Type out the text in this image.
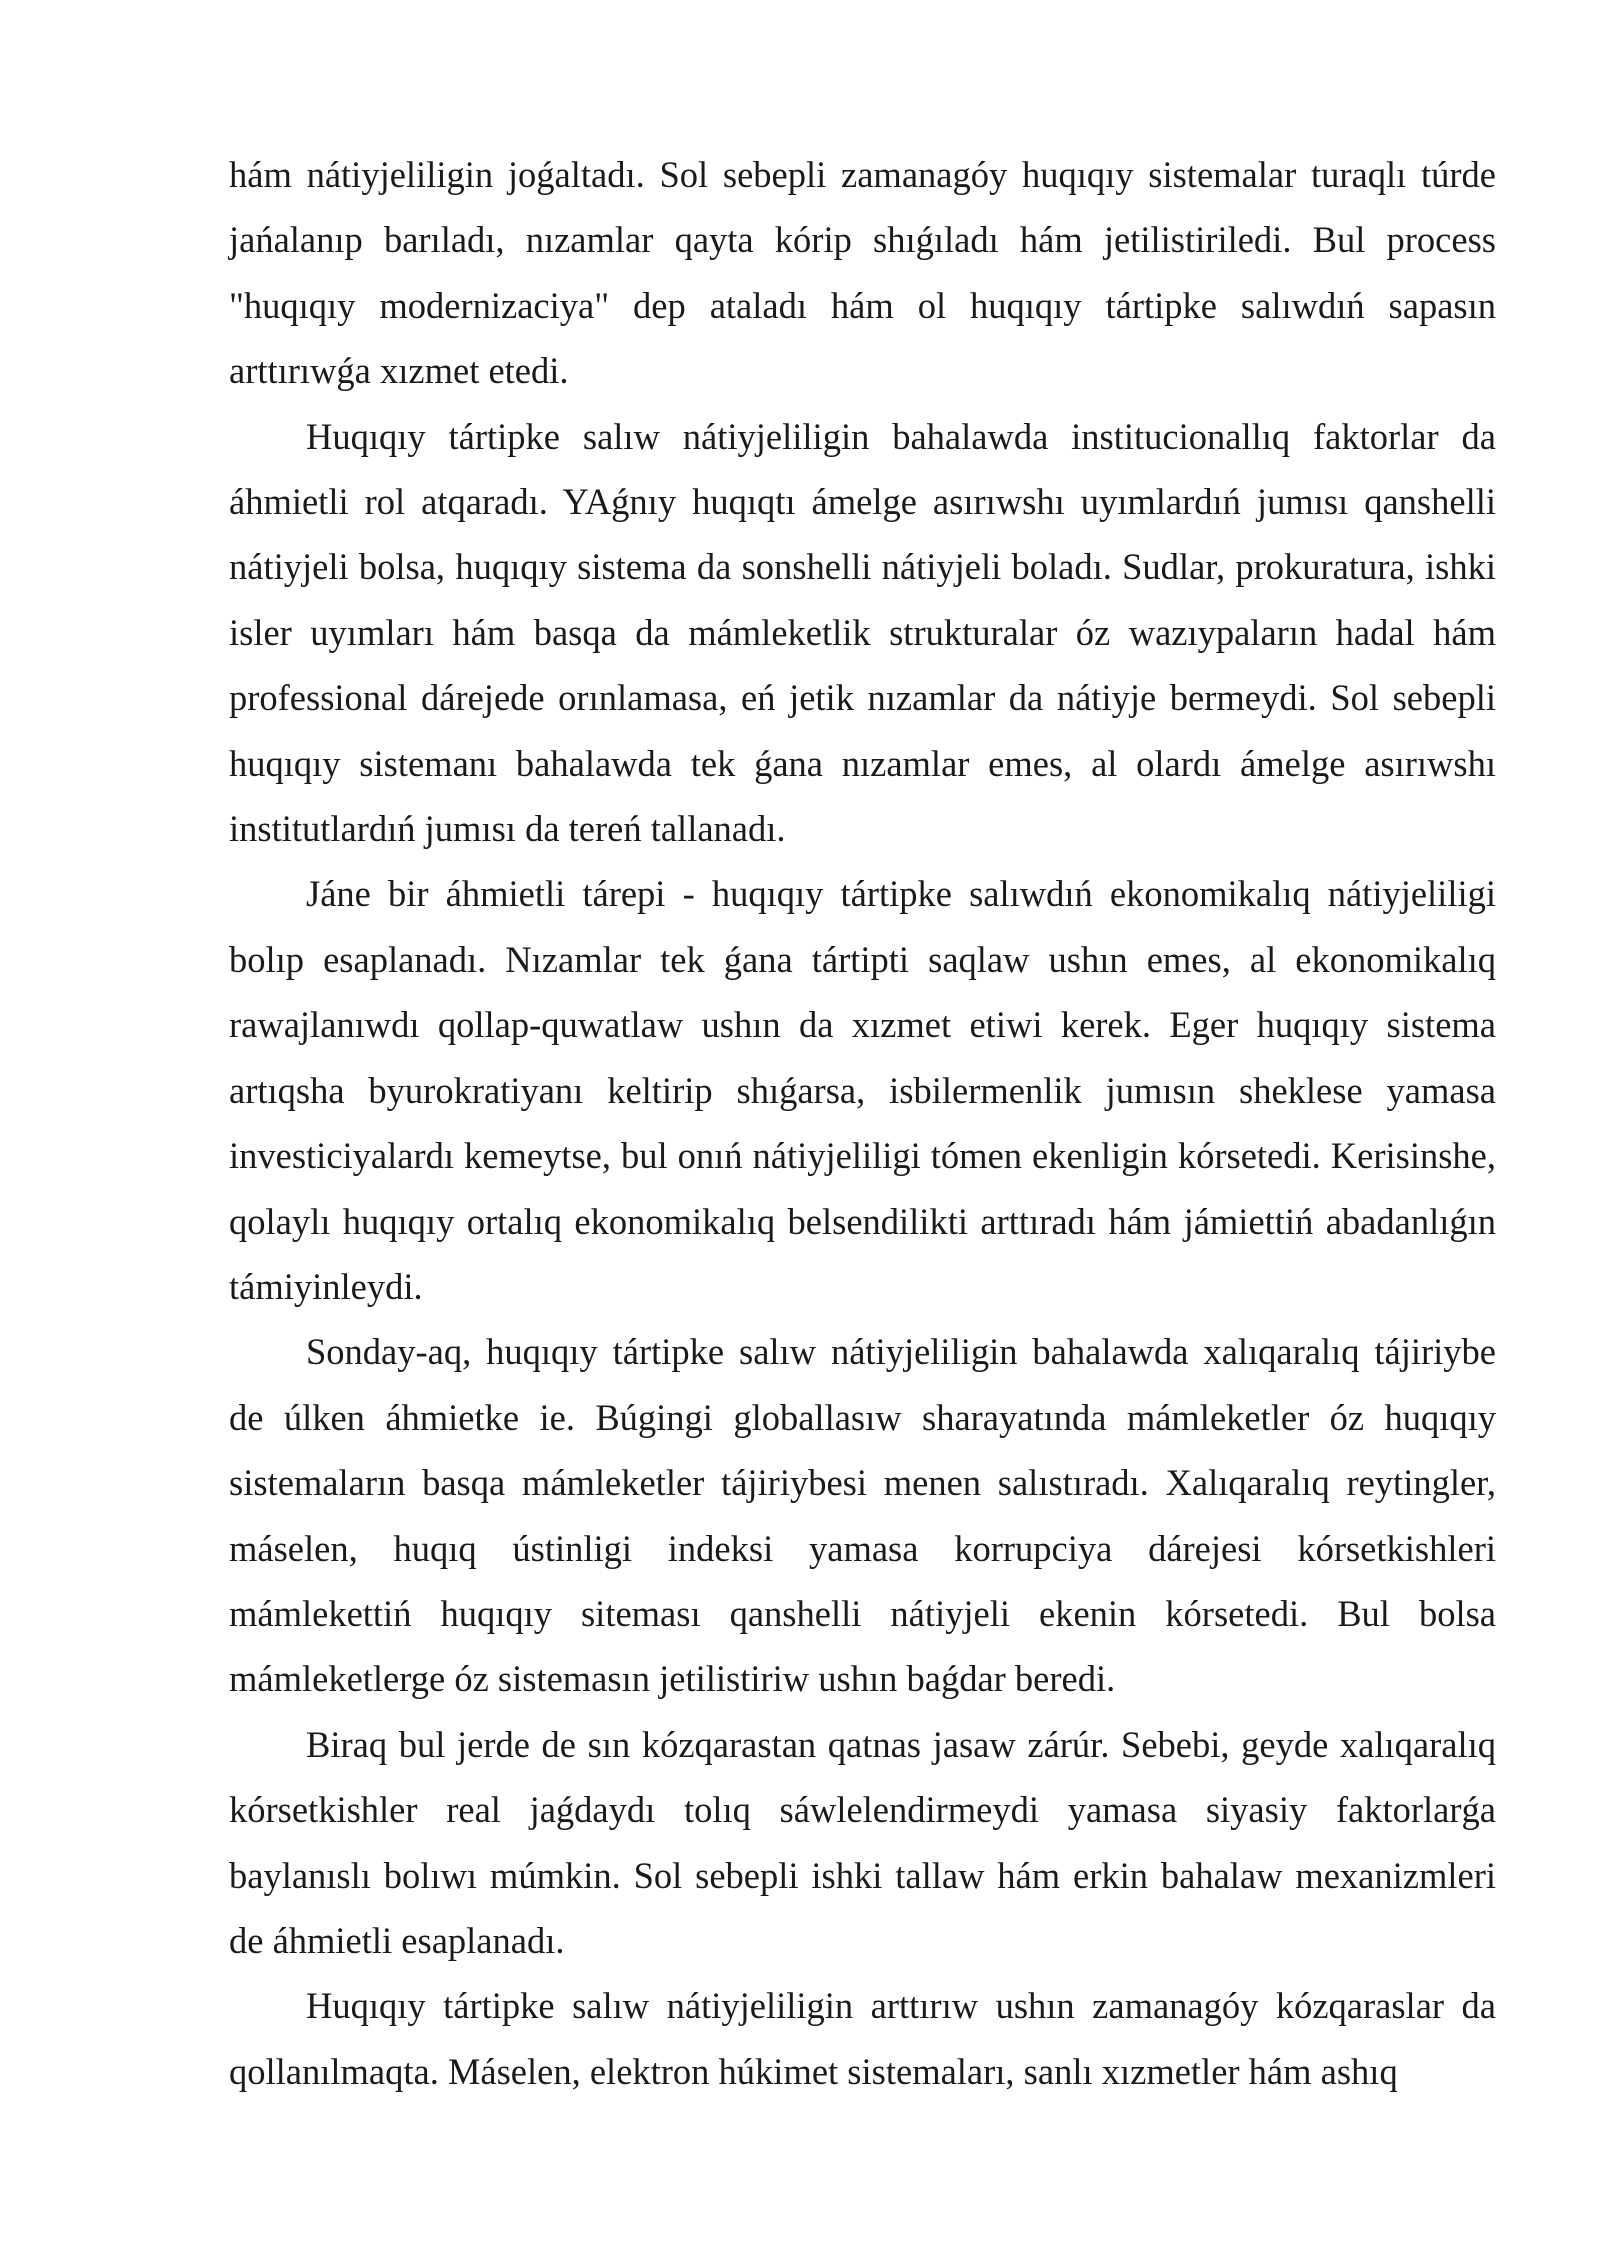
hám nátiyjeliligin joǵaltadı. Sol sebepli zamanagóy huqıqıy sistemalar turaqlı túrde jańalanıp barıladı, nızamlar qayta kórip shıǵıladı hám jetilistiriledi. Bul process "huqıqıy modernizaciya" dep ataladı hám ol huqıqıy tártipke salıwdıń sapasın arttırıwǵa xızmet etedi.

Huqıqıy tártipke salıw nátiyjeliligin bahalawda institucionallıq faktorlar da áhmietli rol atqaradı. YAǵnıy huqıqtı ámelge asırıwshı uyımlardıń jumısı qanshelli nátiyjeli bolsa, huqıqıy sistema da sonshelli nátiyjeli boladı. Sudlar, prokuratura, ishki isler uyımları hám basqa da mámleketlik strukturalar óz wazıypaların hadal hám professional dárejede orınlamasa, eń jetik nızamlar da nátiyje bermeydi. Sol sebepli huqıqıy sistemanı bahalawda tek ǵana nızamlar emes, al olardı ámelge asırıwshı institutlardıń jumısı da tereń tallanadı.

Jáne bir áhmietli tárepi - huqıqıy tártipke salıwdıń ekonomikalıq nátiyjeliligi bolıp esaplanadı. Nızamlar tek ǵana tártipti saqlaw ushın emes, al ekonomikalıq rawajlanıwdı qollap-quwatlaw ushın da xızmet etiwi kerek. Eger huqıqıy sistema artıqsha byurokratiyanı keltirip shıǵarsa, isbilermenlik jumısın sheklese yamasa investiciyalardı kemeytse, bul onıń nátiyjeliligi tómen ekenligin kórsetedi. Kerisinshe, qolaylı huqıqıy ortalıq ekonomikalıq belsendilikti arttıradı hám jámiettiń abadanlıǵın támiyinleydi.

Sonday-aq, huqıqıy tártipke salıw nátiyjeliligin bahalawda xalıqaralıq tájiriybe de úlken áhmietke ie. Búgingi globallasıw sharayatında mámleketler óz huqıqıy sistemaların basqa mámleketler tájiriybesi menen salıstıradı. Xalıqaralıq reytingler, máselen, huqıq ústinligi indeksi yamasa korrupciya dárejesi kórsetkishleri mámlekettiń huqıqıy siteması qanshelli nátiyjeli ekenin kórsetedi. Bul bolsa mámleketlerge óz sistemasın jetilistiriw ushın baǵdar beredi.

Biraq bul jerde de sın kózqarastan qatnas jasaw zárúr. Sebebi, geyde xalıqaralıq kórsetkishler real jaǵdaydı tolıq sáwlelendirmeydi yamasa siyasiy faktorlarǵa baylanıslı bolıwı múmkin. Sol sebepli ishki tallaw hám erkin bahalaw mexanizmleri de áhmietli esaplanadı.

Huqıqıy tártipke salıw nátiyjeliligin arttırıw ushın zamanagóy kózqaraslar da qollanılmaqta. Máselen, elektron húkimet sistemaları, sanlı xızmetler hám ashıq
